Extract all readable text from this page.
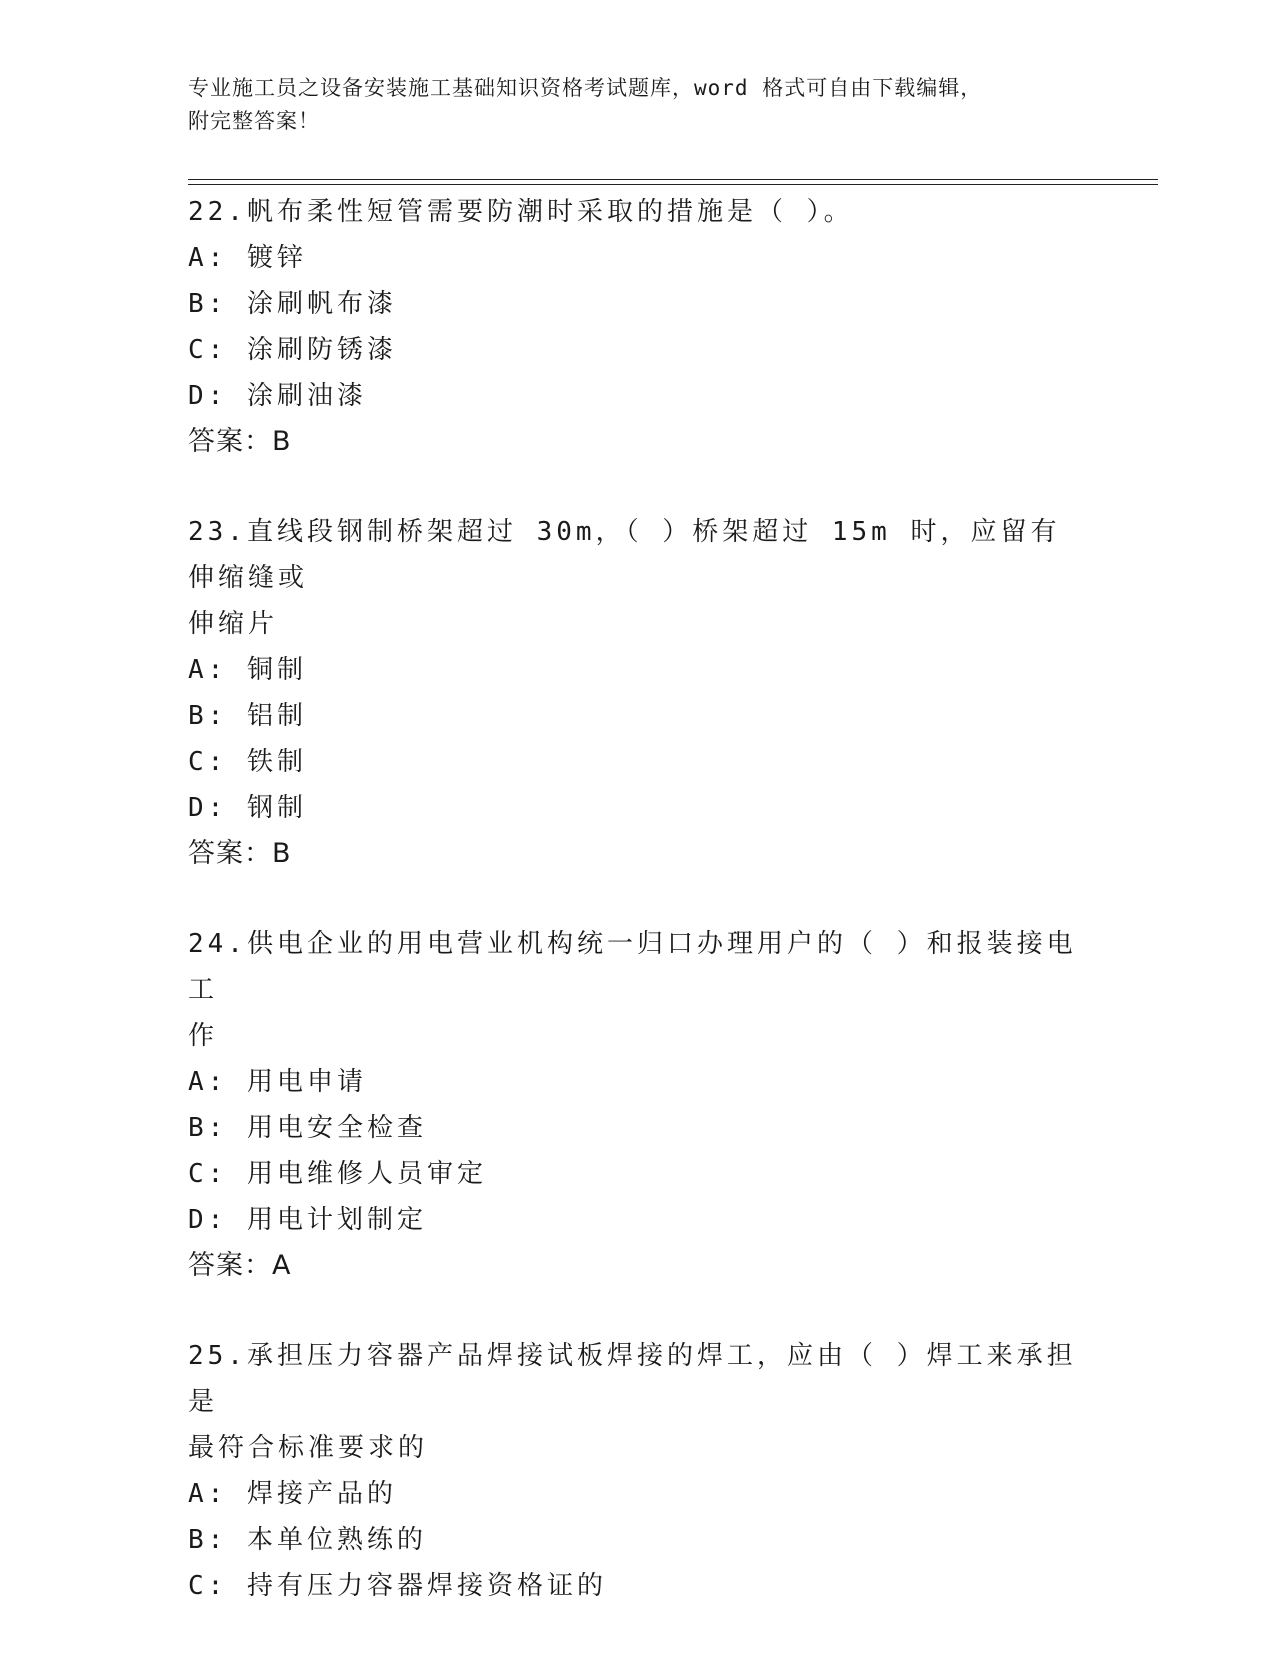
专业施工员之设备安装施工基础知识资格考试题库，word 格式可自由下载编辑，
附完整答案！
22.帆布柔性短管需要防潮时采取的措施是（ ）。
A: 镀锌
B: 涂刷帆布漆
C: 涂刷防锈漆
D: 涂刷油漆
答案：B
23.直线段钢制桥架超过 30m，（ ）桥架超过 15m 时，应留有伸缩缝或
伸缩片
A: 铜制
B: 铝制
C: 铁制
D: 钢制
答案：B
24.供电企业的用电营业机构统一归口办理用户的（ ）和报装接电工
作
A: 用电申请
B: 用电安全检查
C: 用电维修人员审定
D: 用电计划制定
答案：A
25.承担压力容器产品焊接试板焊接的焊工，应由（ ）焊工来承担是
最符合标准要求的
A: 焊接产品的
B: 本单位熟练的
C: 持有压力容器焊接资格证的
